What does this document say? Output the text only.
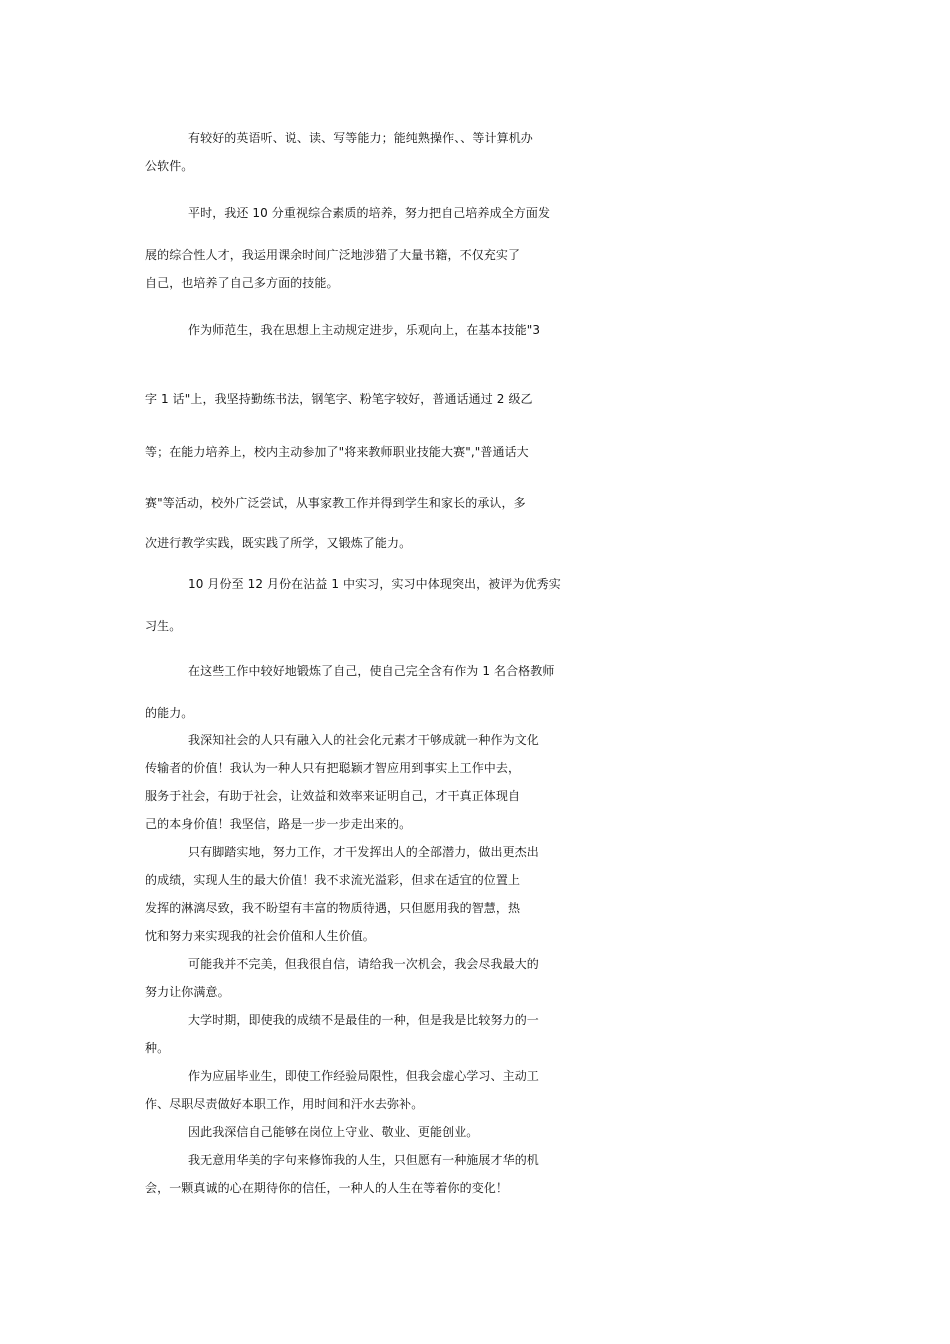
有较好的英语听、说、读、写等能力；能纯熟操作、、等计算机办
公软件。
平时，我还 10 分重视综合素质的培养，努力把自己培养成全方面发
展的综合性人才，我运用课余时间广泛地涉猎了大量书籍，不仅充实了
自己，也培养了自己多方面的技能。
作为师范生，我在思想上主动规定进步，乐观向上，在基本技能"3
字 1 话"上，我坚持勤练书法，钢笔字、粉笔字较好，普通话通过 2 级乙
等；在能力培养上，校内主动参加了"将来教师职业技能大赛","普通话大
赛"等活动，校外广泛尝试，从事家教工作并得到学生和家长的承认，多
次进行教学实践，既实践了所学，又锻炼了能力。
10 月份至 12 月份在沾益 1 中实习，实习中体现突出，被评为优秀实
习生。
在这些工作中较好地锻炼了自己，使自己完全含有作为 1 名合格教师
的能力。
我深知社会的人只有融入人的社会化元素才干够成就一种作为文化
传输者的价值！我认为一种人只有把聪颖才智应用到事实上工作中去，
服务于社会，有助于社会，让效益和效率来证明自己，才干真正体现自
己的本身价值！我坚信，路是一步一步走出来的。
只有脚踏实地，努力工作，才干发挥出人的全部潜力，做出更杰出
的成绩，实现人生的最大价值！我不求流光溢彩，但求在适宜的位置上
发挥的淋漓尽致，我不盼望有丰富的物质待遇，只但愿用我的智慧，热
忱和努力来实现我的社会价值和人生价值。
可能我并不完美，但我很自信，请给我一次机会，我会尽我最大的
努力让你满意。
大学时期，即使我的成绩不是最佳的一种，但是我是比较努力的一
种。
作为应届毕业生，即使工作经验局限性，但我会虚心学习、主动工
作、尽职尽责做好本职工作，用时间和汗水去弥补。
因此我深信自己能够在岗位上守业、敬业、更能创业。
我无意用华美的字句来修饰我的人生，只但愿有一种施展才华的机
会，一颗真诚的心在期待你的信任，一种人的人生在等着你的变化！
